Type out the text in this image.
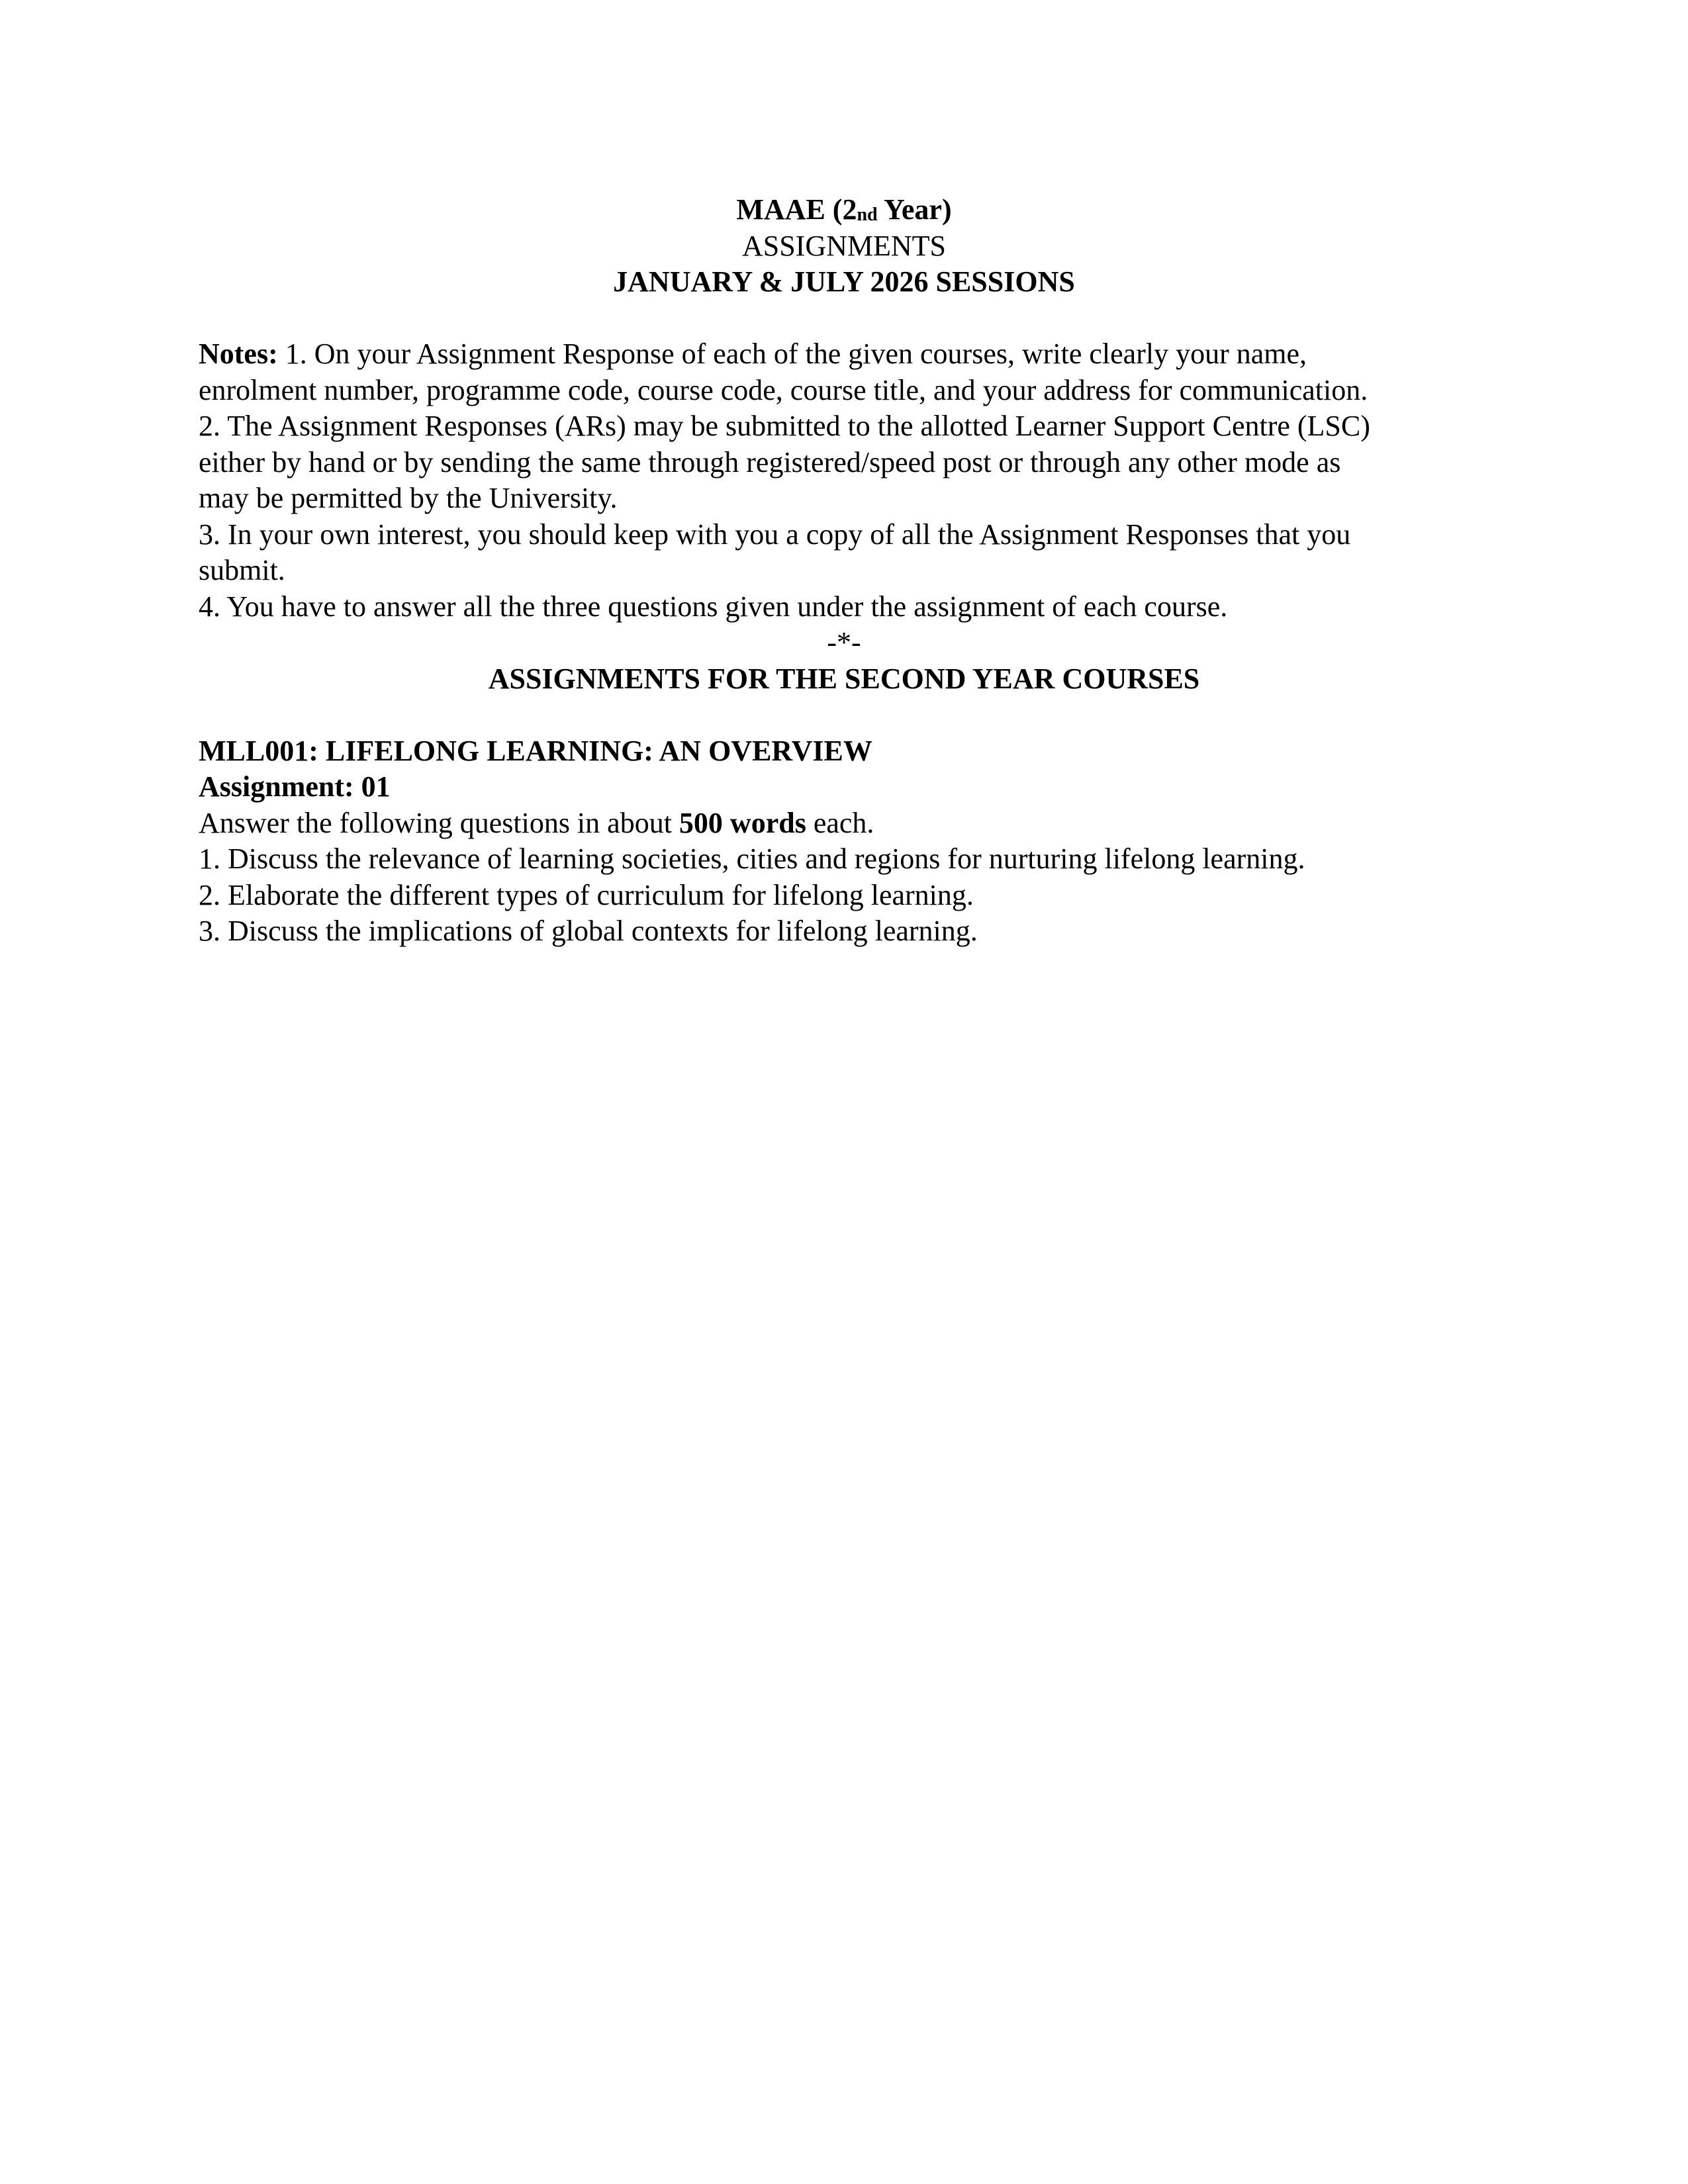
MAAE (2nd Year)
ASSIGNMENTS
JANUARY & JULY 2026 SESSIONS
Notes: 1. On your Assignment Response of each of the given courses, write clearly your name,
enrolment number, programme code, course code, course title, and your address for communication.
2. The Assignment Responses (ARs) may be submitted to the allotted Learner Support Centre (LSC)
either by hand or by sending the same through registered/speed post or through any other mode as
may be permitted by the University.
3. In your own interest, you should keep with you a copy of all the Assignment Responses that you
submit.
4. You have to answer all the three questions given under the assignment of each course.
-*-
ASSIGNMENTS FOR THE SECOND YEAR COURSES
MLL001: LIFELONG LEARNING: AN OVERVIEW
Assignment: 01
Answer the following questions in about 500 words each.
1. Discuss the relevance of learning societies, cities and regions for nurturing lifelong learning.
2. Elaborate the different types of curriculum for lifelong learning.
3. Discuss the implications of global contexts for lifelong learning.
